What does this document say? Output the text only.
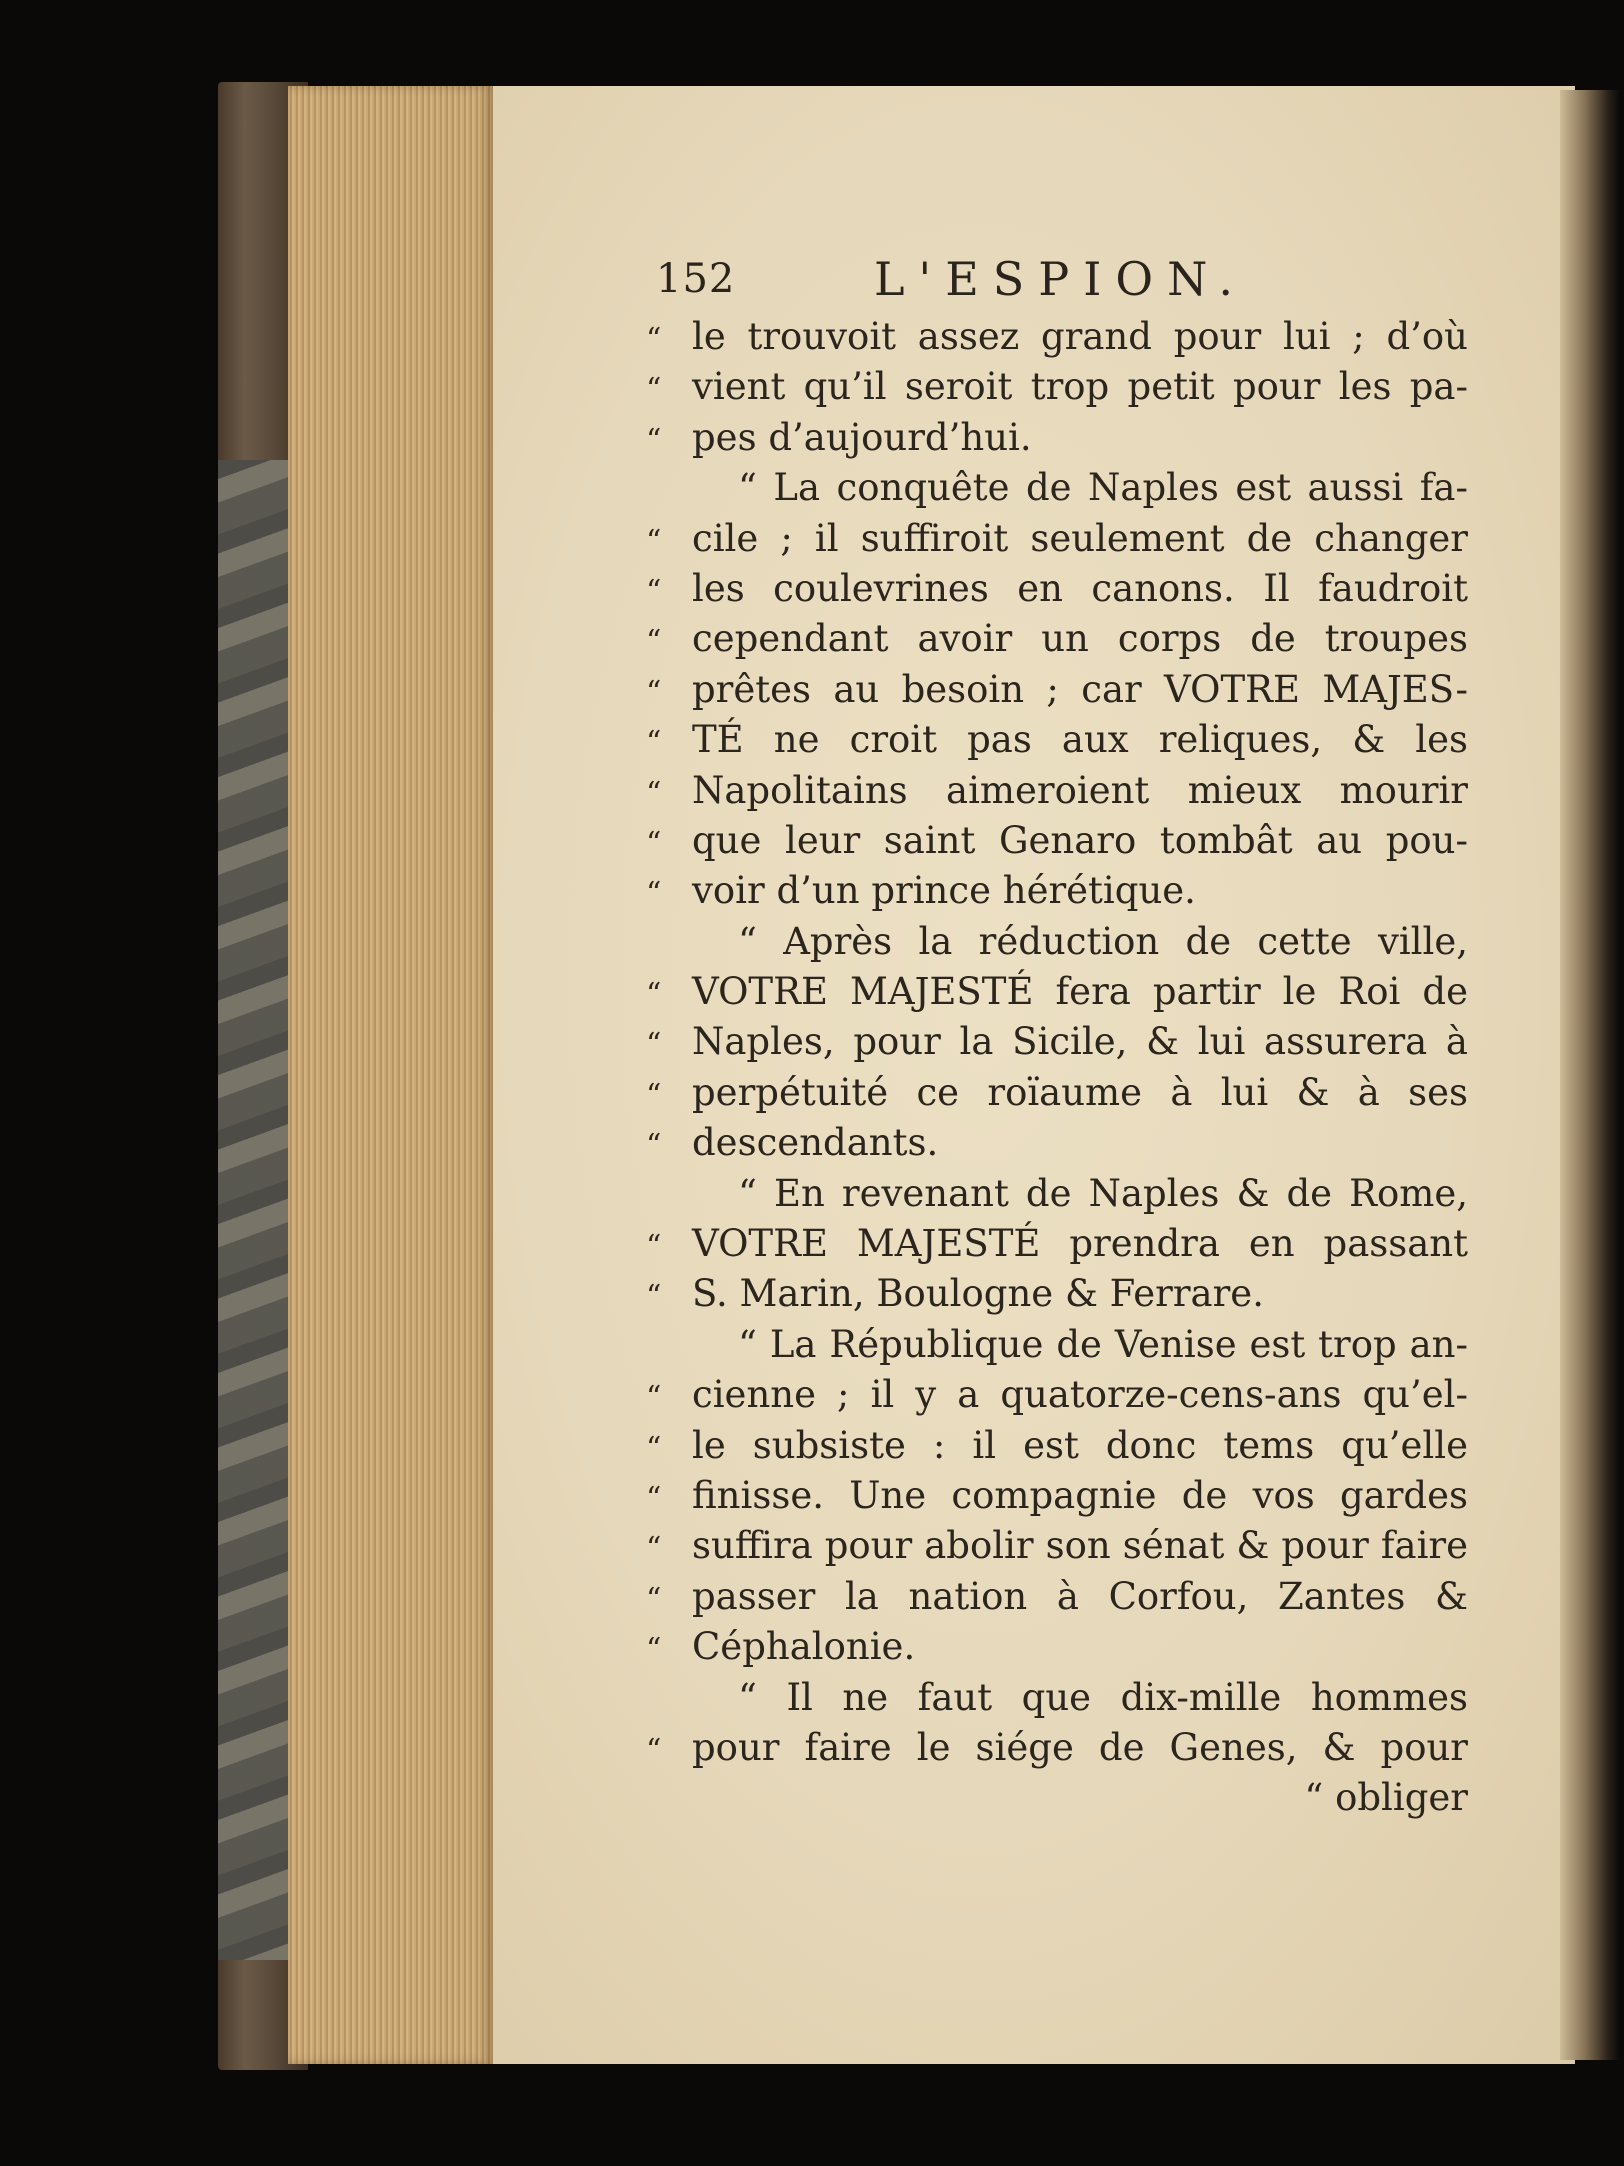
152	L'ESPION.
“ le trouvoit assez grand pour lui ; d’où
“ vient qu’il seroit trop petit pour les pa-
“ pes d’aujourd’hui.
“ La conquête de Naples est aussi fa-
“ cile ; il suffiroit seulement de changer
“ les coulevrines en canons. Il faudroit
“ cependant avoir un corps de troupes
“ prêtes au besoin ; car VOTRE MAJES-
“ TÉ ne croit pas aux reliques, & les
“ Napolitains aimeroient mieux mourir
“ que leur saint Genaro tombât au pou-
“ voir d’un prince hérétique.
“ Après la réduction de cette ville,
“ VOTRE MAJESTÉ fera partir le Roi de
“ Naples, pour la Sicile, & lui assurera à
“ perpétuité ce roïaume à lui & à ses
“ descendants.
“ En revenant de Naples & de Rome,
“ VOTRE MAJESTÉ prendra en passant
“ S. Marin, Boulogne & Ferrare.
“ La République de Venise est trop an-
“ cienne ; il y a quatorze-cens-ans qu’el-
“ le subsiste : il est donc tems qu’elle
“ finisse. Une compagnie de vos gardes
“ suffira pour abolir son sénat & pour faire
“ passer la nation à Corfou, Zantes &
“ Céphalonie.
“ Il ne faut que dix-mille hommes
“ pour faire le siége de Genes, & pour
“ obliger
